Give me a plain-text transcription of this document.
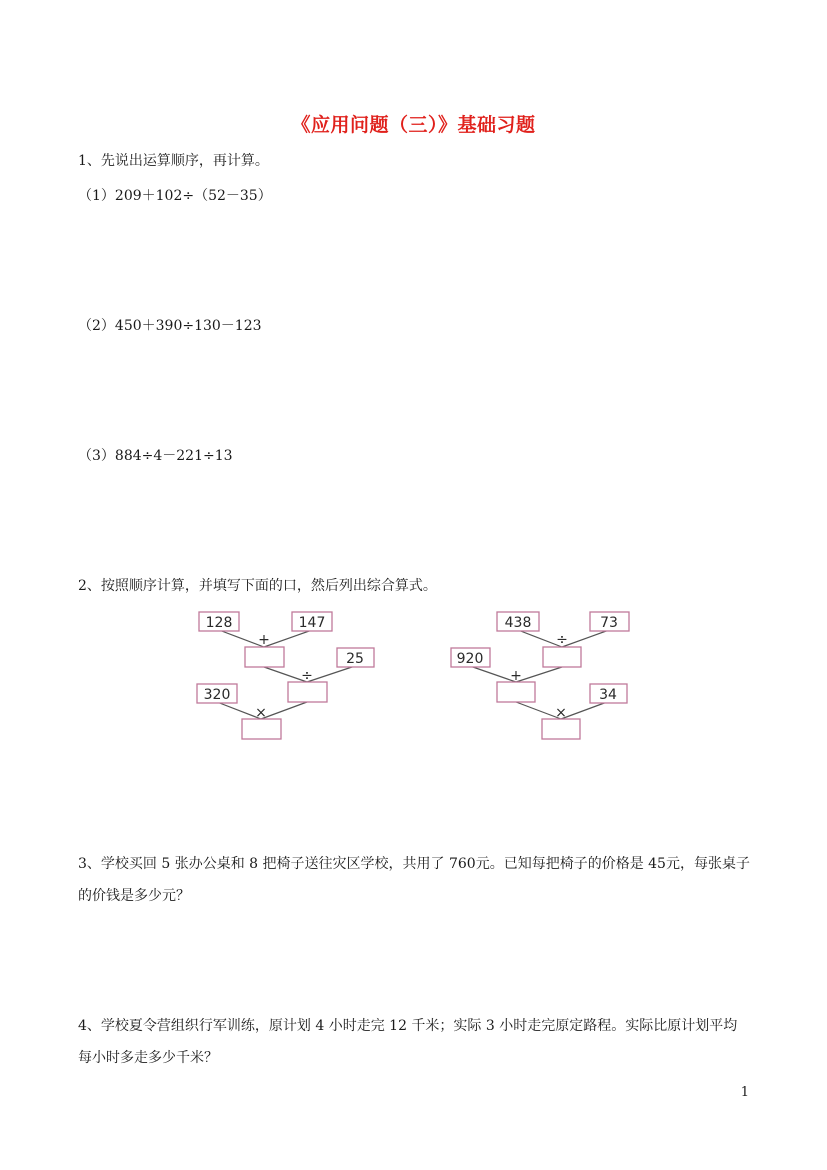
《应用问题（三）》基础习题
1、先说出运算顺序，再计算。
（1）209＋102÷（52－35）
（2）450＋390÷130－123
（3）884÷4－221÷13
2、按照顺序计算，并填写下面的口，然后列出综合算式。
128	147
25
320
+
÷
×
438	73
920
34
÷
+
×
3、学校买回 5 张办公桌和 8 把椅子送往灾区学校，共用了 760元。已知每把椅子的价格是 45元，每张桌子的价钱是多少元？
4、学校夏令营组织行军训练，原计划 4 小时走完 12 千米；实际 3 小时走完原定路程。实际比原计划平均每小时多走多少千米？
1
